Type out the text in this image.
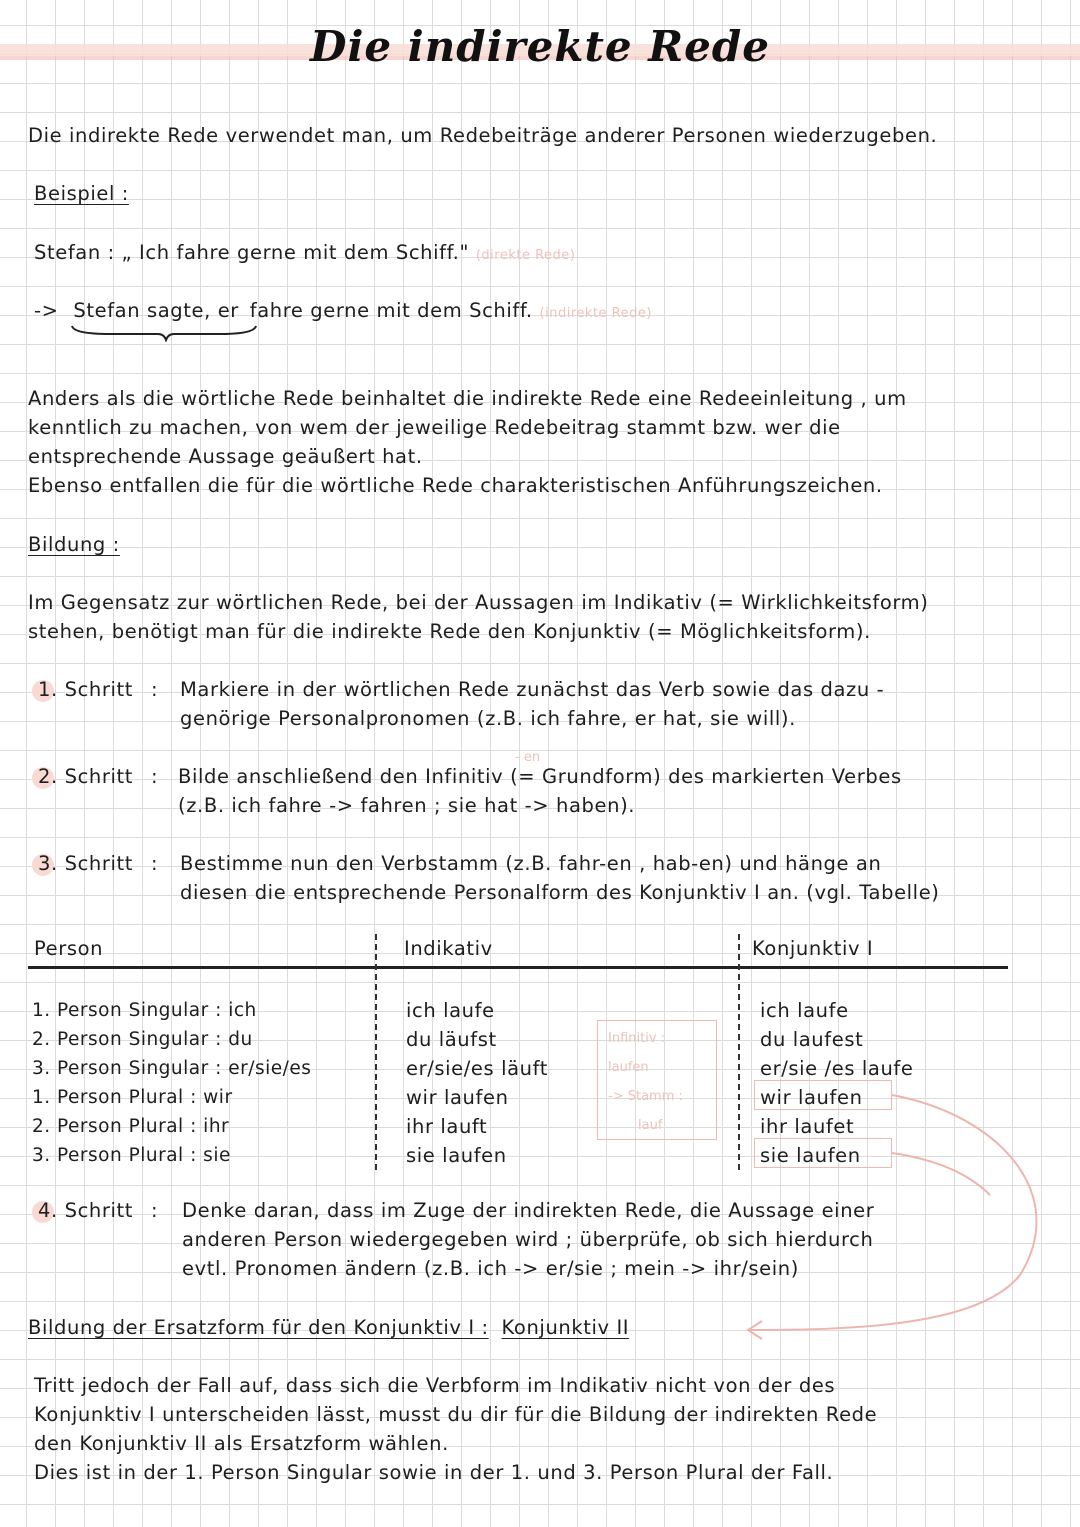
Die indirekte Rede
Die indirekte Rede verwendet man, um Redebeiträge anderer Personen wiederzugeben.
Beispiel :
Stefan : „ Ich fahre gerne mit dem Schiff." (direkte Rede)
-> Stefan sagte, er fahre gerne mit dem Schiff. (indirekte Rede)
Anders als die wörtliche Rede beinhaltet die indirekte Rede eine Redeeinleitung , um
kenntlich zu machen, von wem der jeweilige Redebeitrag stammt bzw. wer die
entsprechende Aussage geäußert hat.
Ebenso entfallen die für die wörtliche Rede charakteristischen Anführungszeichen.
Bildung :
Im Gegensatz zur wörtlichen Rede, bei der Aussagen im Indikativ (= Wirklichkeitsform)
stehen, benötigt man für die indirekte Rede den Konjunktiv (= Möglichkeitsform).
1. Schritt : Markiere in der wörtlichen Rede zunächst das Verb sowie das dazu -
genörige Personalpronomen (z.B. ich fahre, er hat, sie will).
- en
2. Schritt : Bilde anschließend den Infinitiv (= Grundform) des markierten Verbes
(z.B. ich fahre -> fahren ; sie hat -> haben).
3. Schritt : Bestimme nun den Verbstamm (z.B. fahr-en , hab-en) und hänge an
diesen die entsprechende Personalform des Konjunktiv I an. (vgl. Tabelle)
Person	Indikativ	Konjunktiv I
1. Person Singular : ich
2. Person Singular : du
3. Person Singular : er/sie/es
1. Person Plural : wir
2. Person Plural : ihr
3. Person Plural : sie
ich laufe
du läufst
er/sie/es läuft
wir laufen
ihr lauft
sie laufen
Infinitiv :
laufen
-> Stamm :
lauf
ich laufe
du laufest
er/sie /es laufe
wir laufen
ihr laufet
sie laufen
4. Schritt : Denke daran, dass im Zuge der indirekten Rede, die Aussage einer
anderen Person wiedergegeben wird ; überprüfe, ob sich hierdurch
evtl. Pronomen ändern (z.B. ich -> er/sie ; mein -> ihr/sein)
Bildung der Ersatzform für den Konjunktiv I : Konjunktiv II
Tritt jedoch der Fall auf, dass sich die Verbform im Indikativ nicht von der des
Konjunktiv I unterscheiden lässt, musst du dir für die Bildung der indirekten Rede
den Konjunktiv II als Ersatzform wählen.
Dies ist in der 1. Person Singular sowie in der 1. und 3. Person Plural der Fall.
